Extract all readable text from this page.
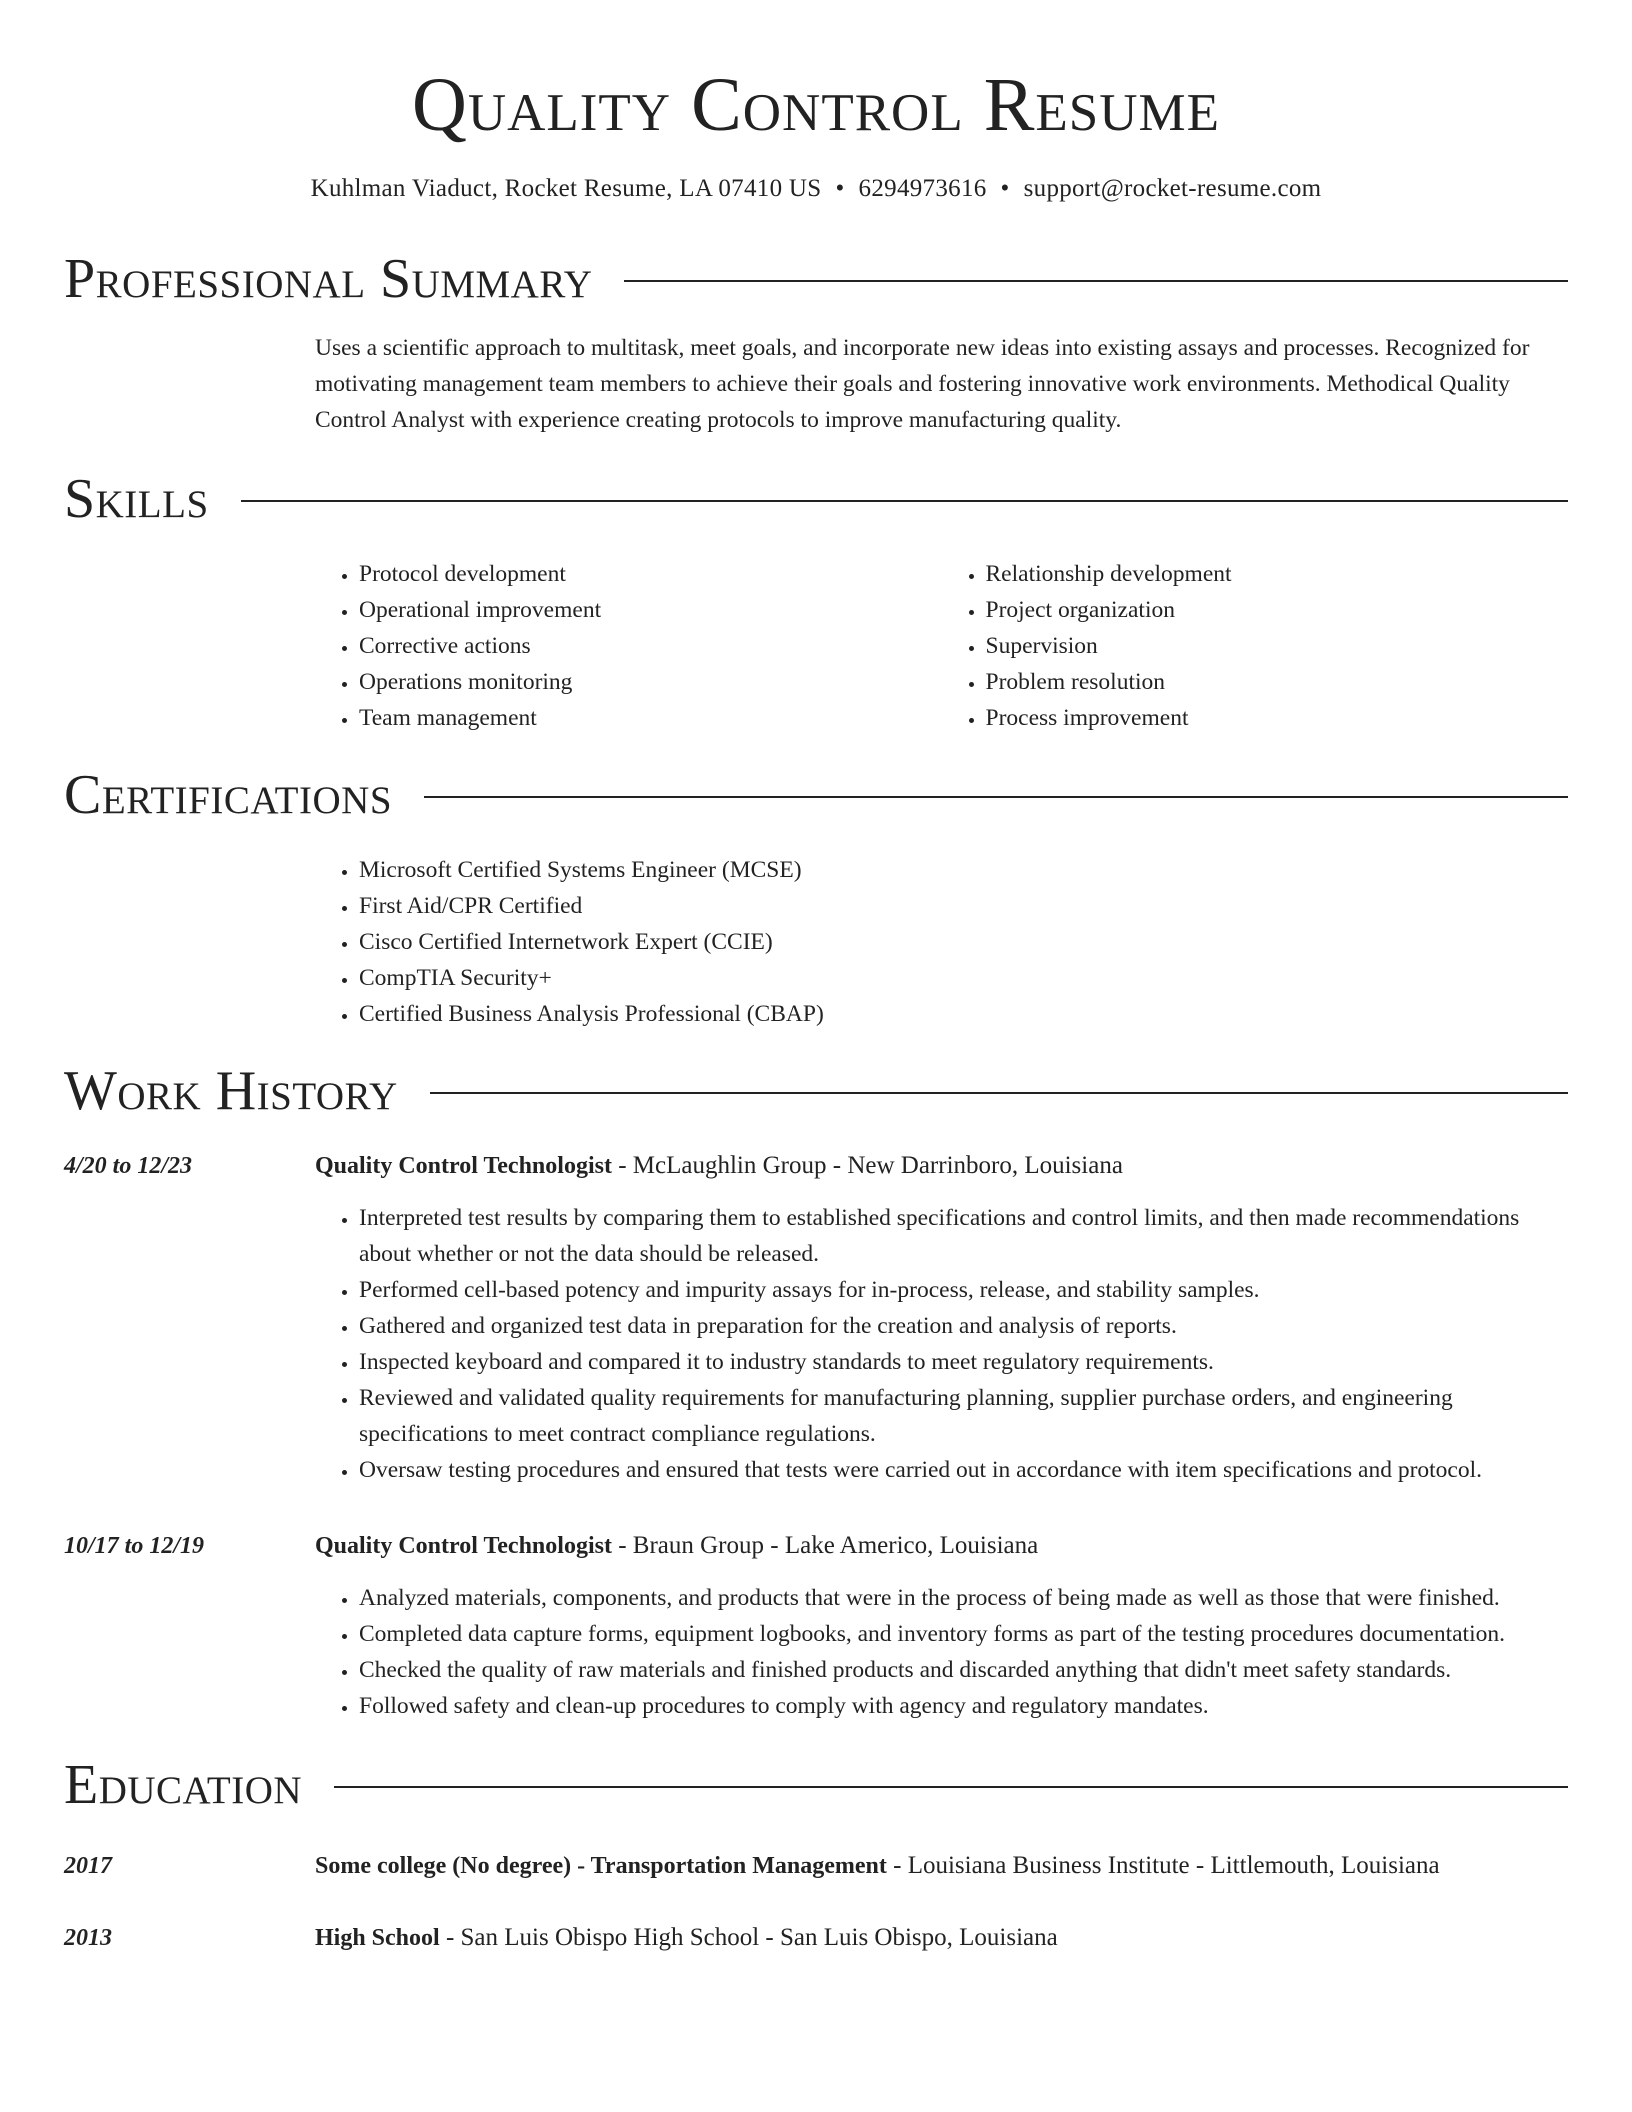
Quality Control Resume
Kuhlman Viaduct, Rocket Resume, LA 07410 US • 6294973616 • support@rocket-resume.com
Professional Summary
Uses a scientific approach to multitask, meet goals, and incorporate new ideas into existing assays and processes. Recognized for motivating management team members to achieve their goals and fostering innovative work environments. Methodical Quality Control Analyst with experience creating protocols to improve manufacturing quality.
Skills
• Protocol development
• Operational improvement
• Corrective actions
• Operations monitoring
• Team management
• Relationship development
• Project organization
• Supervision
• Problem resolution
• Process improvement
Certifications
• Microsoft Certified Systems Engineer (MCSE)
• First Aid/CPR Certified
• Cisco Certified Internetwork Expert (CCIE)
• CompTIA Security+
• Certified Business Analysis Professional (CBAP)
Work History
4/20 to 12/23	Quality Control Technologist - McLaughlin Group - New Darrinboro, Louisiana
• Interpreted test results by comparing them to established specifications and control limits, and then made recommendations about whether or not the data should be released.
• Performed cell-based potency and impurity assays for in-process, release, and stability samples.
• Gathered and organized test data in preparation for the creation and analysis of reports.
• Inspected keyboard and compared it to industry standards to meet regulatory requirements.
• Reviewed and validated quality requirements for manufacturing planning, supplier purchase orders, and engineering specifications to meet contract compliance regulations.
• Oversaw testing procedures and ensured that tests were carried out in accordance with item specifications and protocol.
10/17 to 12/19	Quality Control Technologist - Braun Group - Lake Americo, Louisiana
• Analyzed materials, components, and products that were in the process of being made as well as those that were finished.
• Completed data capture forms, equipment logbooks, and inventory forms as part of the testing procedures documentation.
• Checked the quality of raw materials and finished products and discarded anything that didn't meet safety standards.
• Followed safety and clean-up procedures to comply with agency and regulatory mandates.
Education
2017	Some college (No degree) - Transportation Management - Louisiana Business Institute - Littlemouth, Louisiana
2013	High School - San Luis Obispo High School - San Luis Obispo, Louisiana
